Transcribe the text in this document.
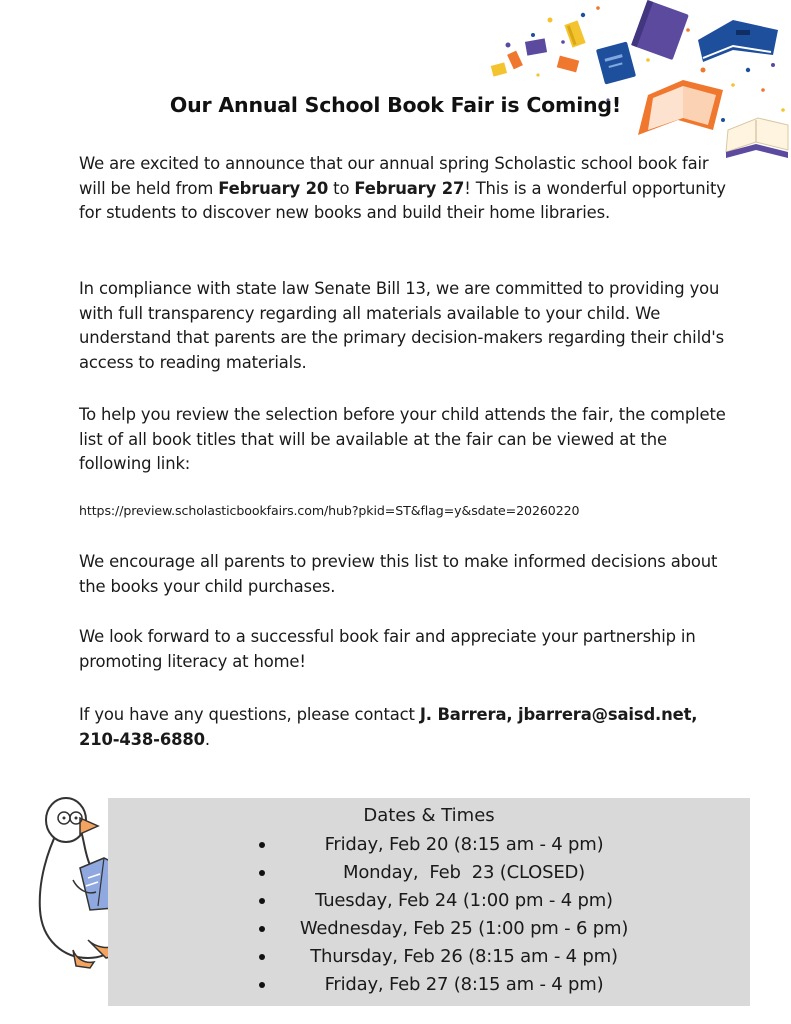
Our Annual School Book Fair is Coming!

We are excited to announce that our annual spring Scholastic school book fair will be held from February 20 to February 27! This is a wonderful opportunity for students to discover new books and build their home libraries.

In compliance with state law Senate Bill 13, we are committed to providing you with full transparency regarding all materials available to your child. We understand that parents are the primary decision-makers regarding their child's access to reading materials.

To help you review the selection before your child attends the fair, the complete list of all book titles that will be available at the fair can be viewed at the following link:

https://preview.scholasticbookfairs.com/hub?pkid=ST&flag=y&sdate=20260220

We encourage all parents to preview this list to make informed decisions about the books your child purchases.

We look forward to a successful book fair and appreciate your partnership in promoting literacy at home!

If you have any questions, please contact J. Barrera, jbarrera@saisd.net, 210-438-6880.

Dates & Times

Friday, Feb 20 (8:15 am - 4 pm)
Monday,  Feb  23 (CLOSED)
Tuesday, Feb 24 (1:00 pm - 4 pm)
Wednesday, Feb 25 (1:00 pm - 6 pm)
Thursday, Feb 26 (8:15 am - 4 pm)
Friday, Feb 27 (8:15 am - 4 pm)
